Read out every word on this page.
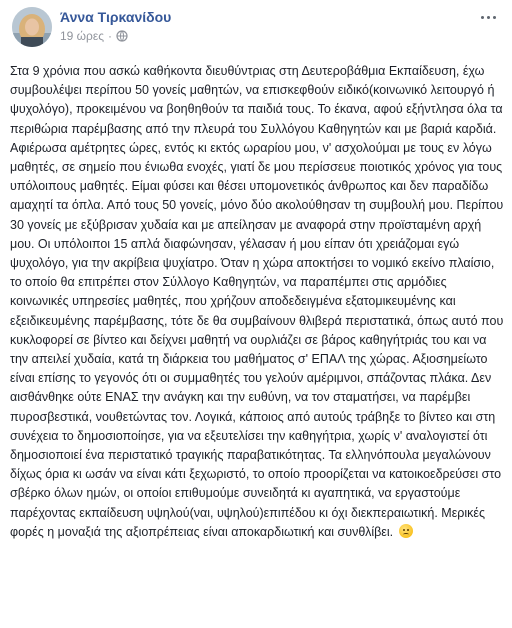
Άννα Τιρκανίδου
19 ώρες ·

Στα 9 χρόνια που ασκώ καθήκοντα διευθύντριας στη Δευτεροβάθμια Εκπαίδευση, έχω συμβουλέψει περίπου 50 γονείς μαθητών, να επισκεφθούν ειδικό(κοινωνικό λειτουργό ή ψυχολόγο), προκειμένου να βοηθηθούν τα παιδιά τους. Το έκανα, αφού εξήντλησα όλα τα περιθώρια παρέμβασης από την πλευρά του Συλλόγου Καθηγητών και με βαριά καρδιά. Αφιέρωσα αμέτρητες ώρες, εντός κι εκτός ωραρίου μου, ν' ασχολούμαι με τους εν λόγω μαθητές, σε σημείο που ένιωθα ενοχές, γιατί δε μου περίσσευε ποιοτικός χρόνος για τους υπόλοιπους μαθητές. Είμαι φύσει και θέσει υπομονετικός άνθρωπος και δεν παραδίδω αμαχητί τα όπλα. Από τους 50 γονείς, μόνο δύο ακολούθησαν τη συμβουλή μου. Περίπου 30 γονείς με εξύβρισαν χυδαία και με απείλησαν με αναφορά στην προϊσταμένη αρχή μου. Οι υπόλοιποι 15 απλά διαφώνησαν, γέλασαν ή μου είπαν ότι χρειάζομαι εγώ ψυχολόγο, για την ακρίβεια ψυχίατρο. Όταν η χώρα αποκτήσει το νομικό εκείνο πλαίσιο, το οποίο θα επιτρέπει στον Σύλλογο Καθηγητών, να παραπέμπει στις αρμόδιες κοινωνικές υπηρεσίες μαθητές, που χρήζουν αποδεδειγμένα εξατομικευμένης και εξειδικευμένης παρέμβασης, τότε δε θα συμβαίνουν θλιβερά περιστατικά, όπως αυτό που κυκλοφορεί σε βίντεο και δείχνει μαθητή να ουρλιάζει σε βάρος καθηγήτριάς του και να την απειλεί χυδαία, κατά τη διάρκεια του μαθήματος σ' ΕΠΑΛ της χώρας. Αξιοσημείωτο είναι επίσης το γεγονός ότι οι συμμαθητές του γελούν αμέριμνοι, σπάζοντας πλάκα. Δεν αισθάνθηκε ούτε ΕΝΑΣ την ανάγκη και την ευθύνη, να τον σταματήσει, να παρέμβει πυροσβεστικά, νουθετώντας τον. Λογικά, κάποιος από αυτούς τράβηξε το βίντεο και στη συνέχεια το δημοσιοποίησε, για να εξευτελίσει την καθηγήτρια, χωρίς ν' αναλογιστεί ότι δημοσιοποιεί ένα περιστατικό τραγικής παραβατικότητας. Τα ελληνόπουλα μεγαλώνουν δίχως όρια κι ωσάν να είναι κάτι ξεχωριστό, το οποίο προορίζεται να κατοικοεδρεύσει στο σβέρκο όλων ημών, οι οποίοι επιθυμούμε συνειδητά κι αγαπητικά, να εργαστούμε παρέχοντας εκπαίδευση υψηλού(ναι, υψηλού)επιπέδου κι όχι διεκπεραιωτική. Μερικές φορές η μοναξιά της αξιοπρέπειας είναι αποκαρδιωτική και συνθλίβει.
